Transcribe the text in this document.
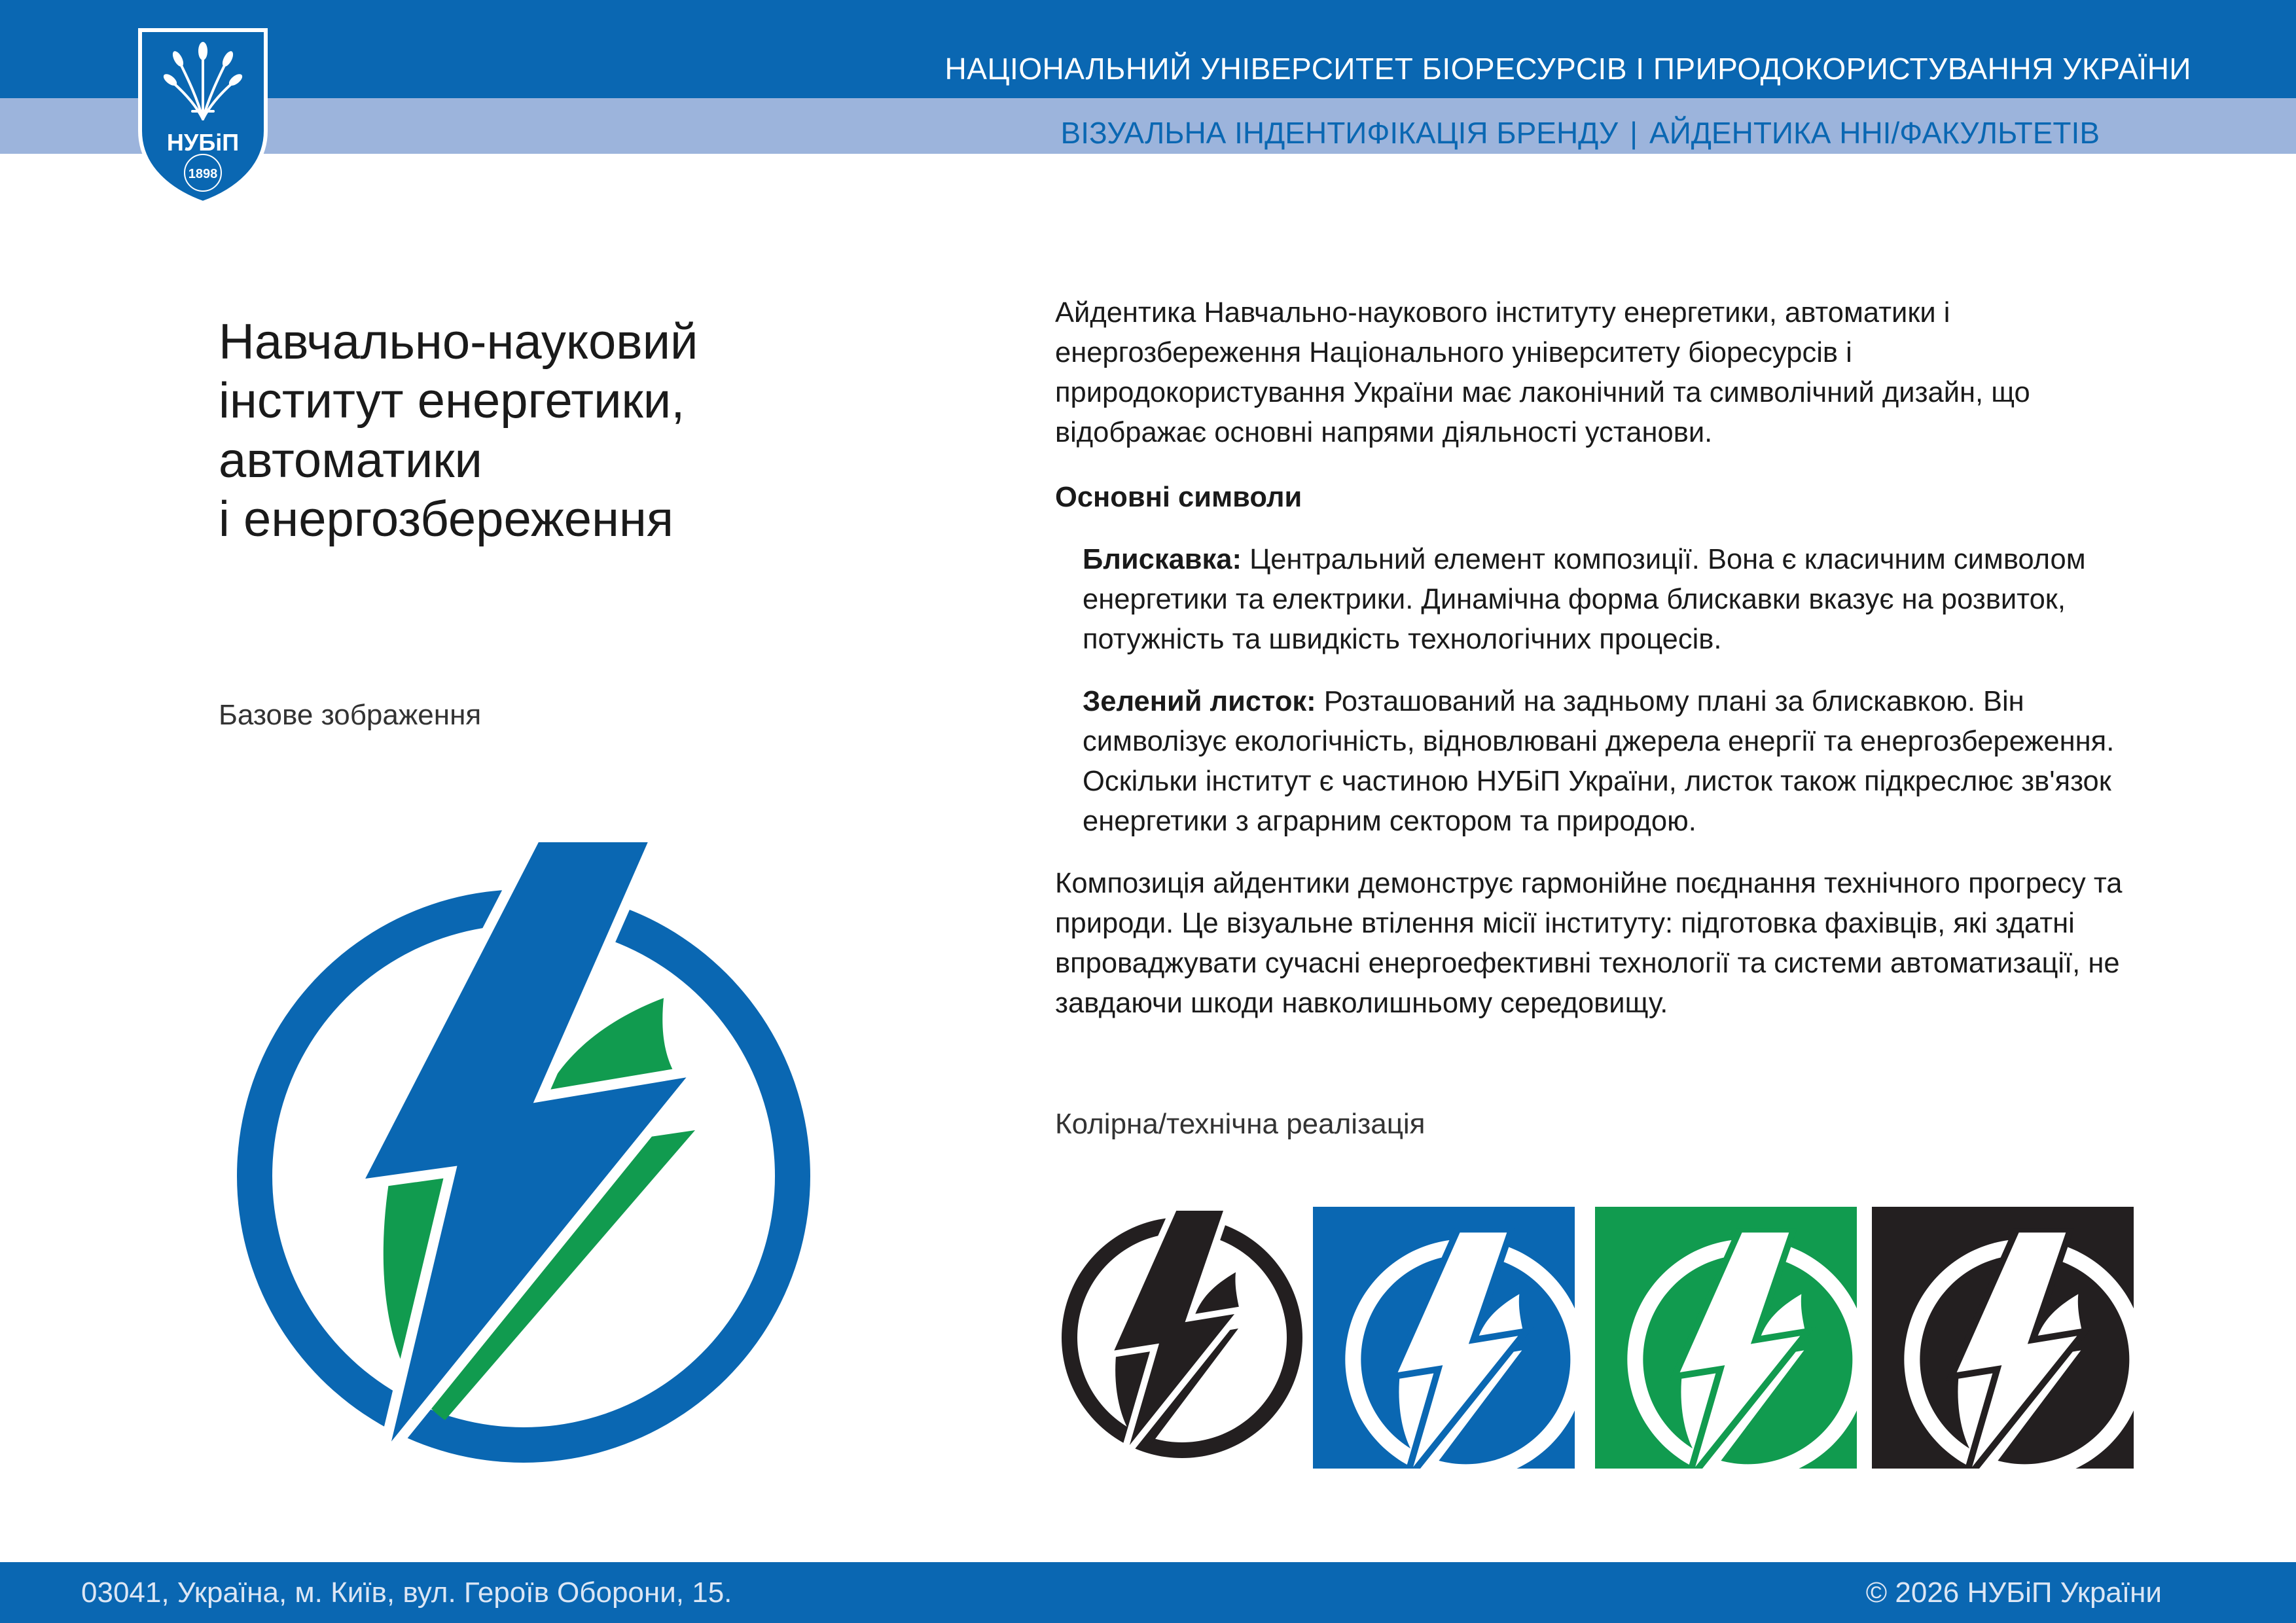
НУБіП
1898
НАЦІОНАЛЬНИЙ УНІВЕРСИТЕТ БІОРЕСУРСІВ І ПРИРОДОКОРИСТУВАННЯ УКРАЇНИ
ВІЗУАЛЬНА ІНДЕНТИФІКАЦІЯ БРЕНДУ | АЙДЕНТИКА ННІ/ФАКУЛЬТЕТІВ
Навчально-науковий
інститут енергетики,
автоматики
і енергозбереження
Базове зображення

Айдентика Навчально-наукового інституту енергетики, автоматики і енергозбереження Національного університету біоресурсів і природокористування України має лаконічний та символічний дизайн, що відображає основні напрями діяльності установи.

Основні символи

Блискавка: Центральний елемент композиції. Вона є класичним символом енергетики та електрики. Динамічна форма блискавки вказує на розвиток, потужність та швидкість технологічних процесів.

Зелений листок: Розташований на задньому плані за блискавкою. Він символізує екологічність, відновлювані джерела енергії та енергозбереження. Оскільки інститут є частиною НУБіП України, листок також підкреслює зв'язок енергетики з аграрним сектором та природою.

Композиція айдентики демонструє гармонійне поєднання технічного прогресу та природи. Це візуальне втілення місії інституту: підготовка фахівців, які здатні впроваджувати сучасні енергоефективні технології та системи автоматизації, не завдаючи шкоди навколишньому середовищу.

Колірна/технічна реалізація
03041, Україна, м. Київ, вул. Героїв Оборони, 15.	© 2026 НУБіП України
